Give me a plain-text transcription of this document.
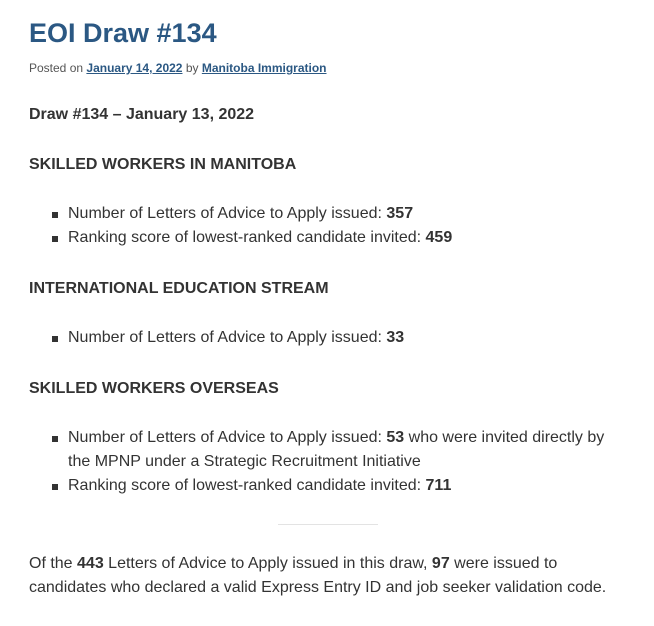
EOI Draw #134
Posted on January 14, 2022 by Manitoba Immigration
Draw #134 – January 13, 2022
SKILLED WORKERS IN MANITOBA
Number of Letters of Advice to Apply issued: 357
Ranking score of lowest-ranked candidate invited: 459
INTERNATIONAL EDUCATION STREAM
Number of Letters of Advice to Apply issued: 33
SKILLED WORKERS OVERSEAS
Number of Letters of Advice to Apply issued: 53 who were invited directly by the MPNP under a Strategic Recruitment Initiative
Ranking score of lowest-ranked candidate invited: 711

Of the 443 Letters of Advice to Apply issued in this draw, 97 were issued to candidates who declared a valid Express Entry ID and job seeker validation code.
